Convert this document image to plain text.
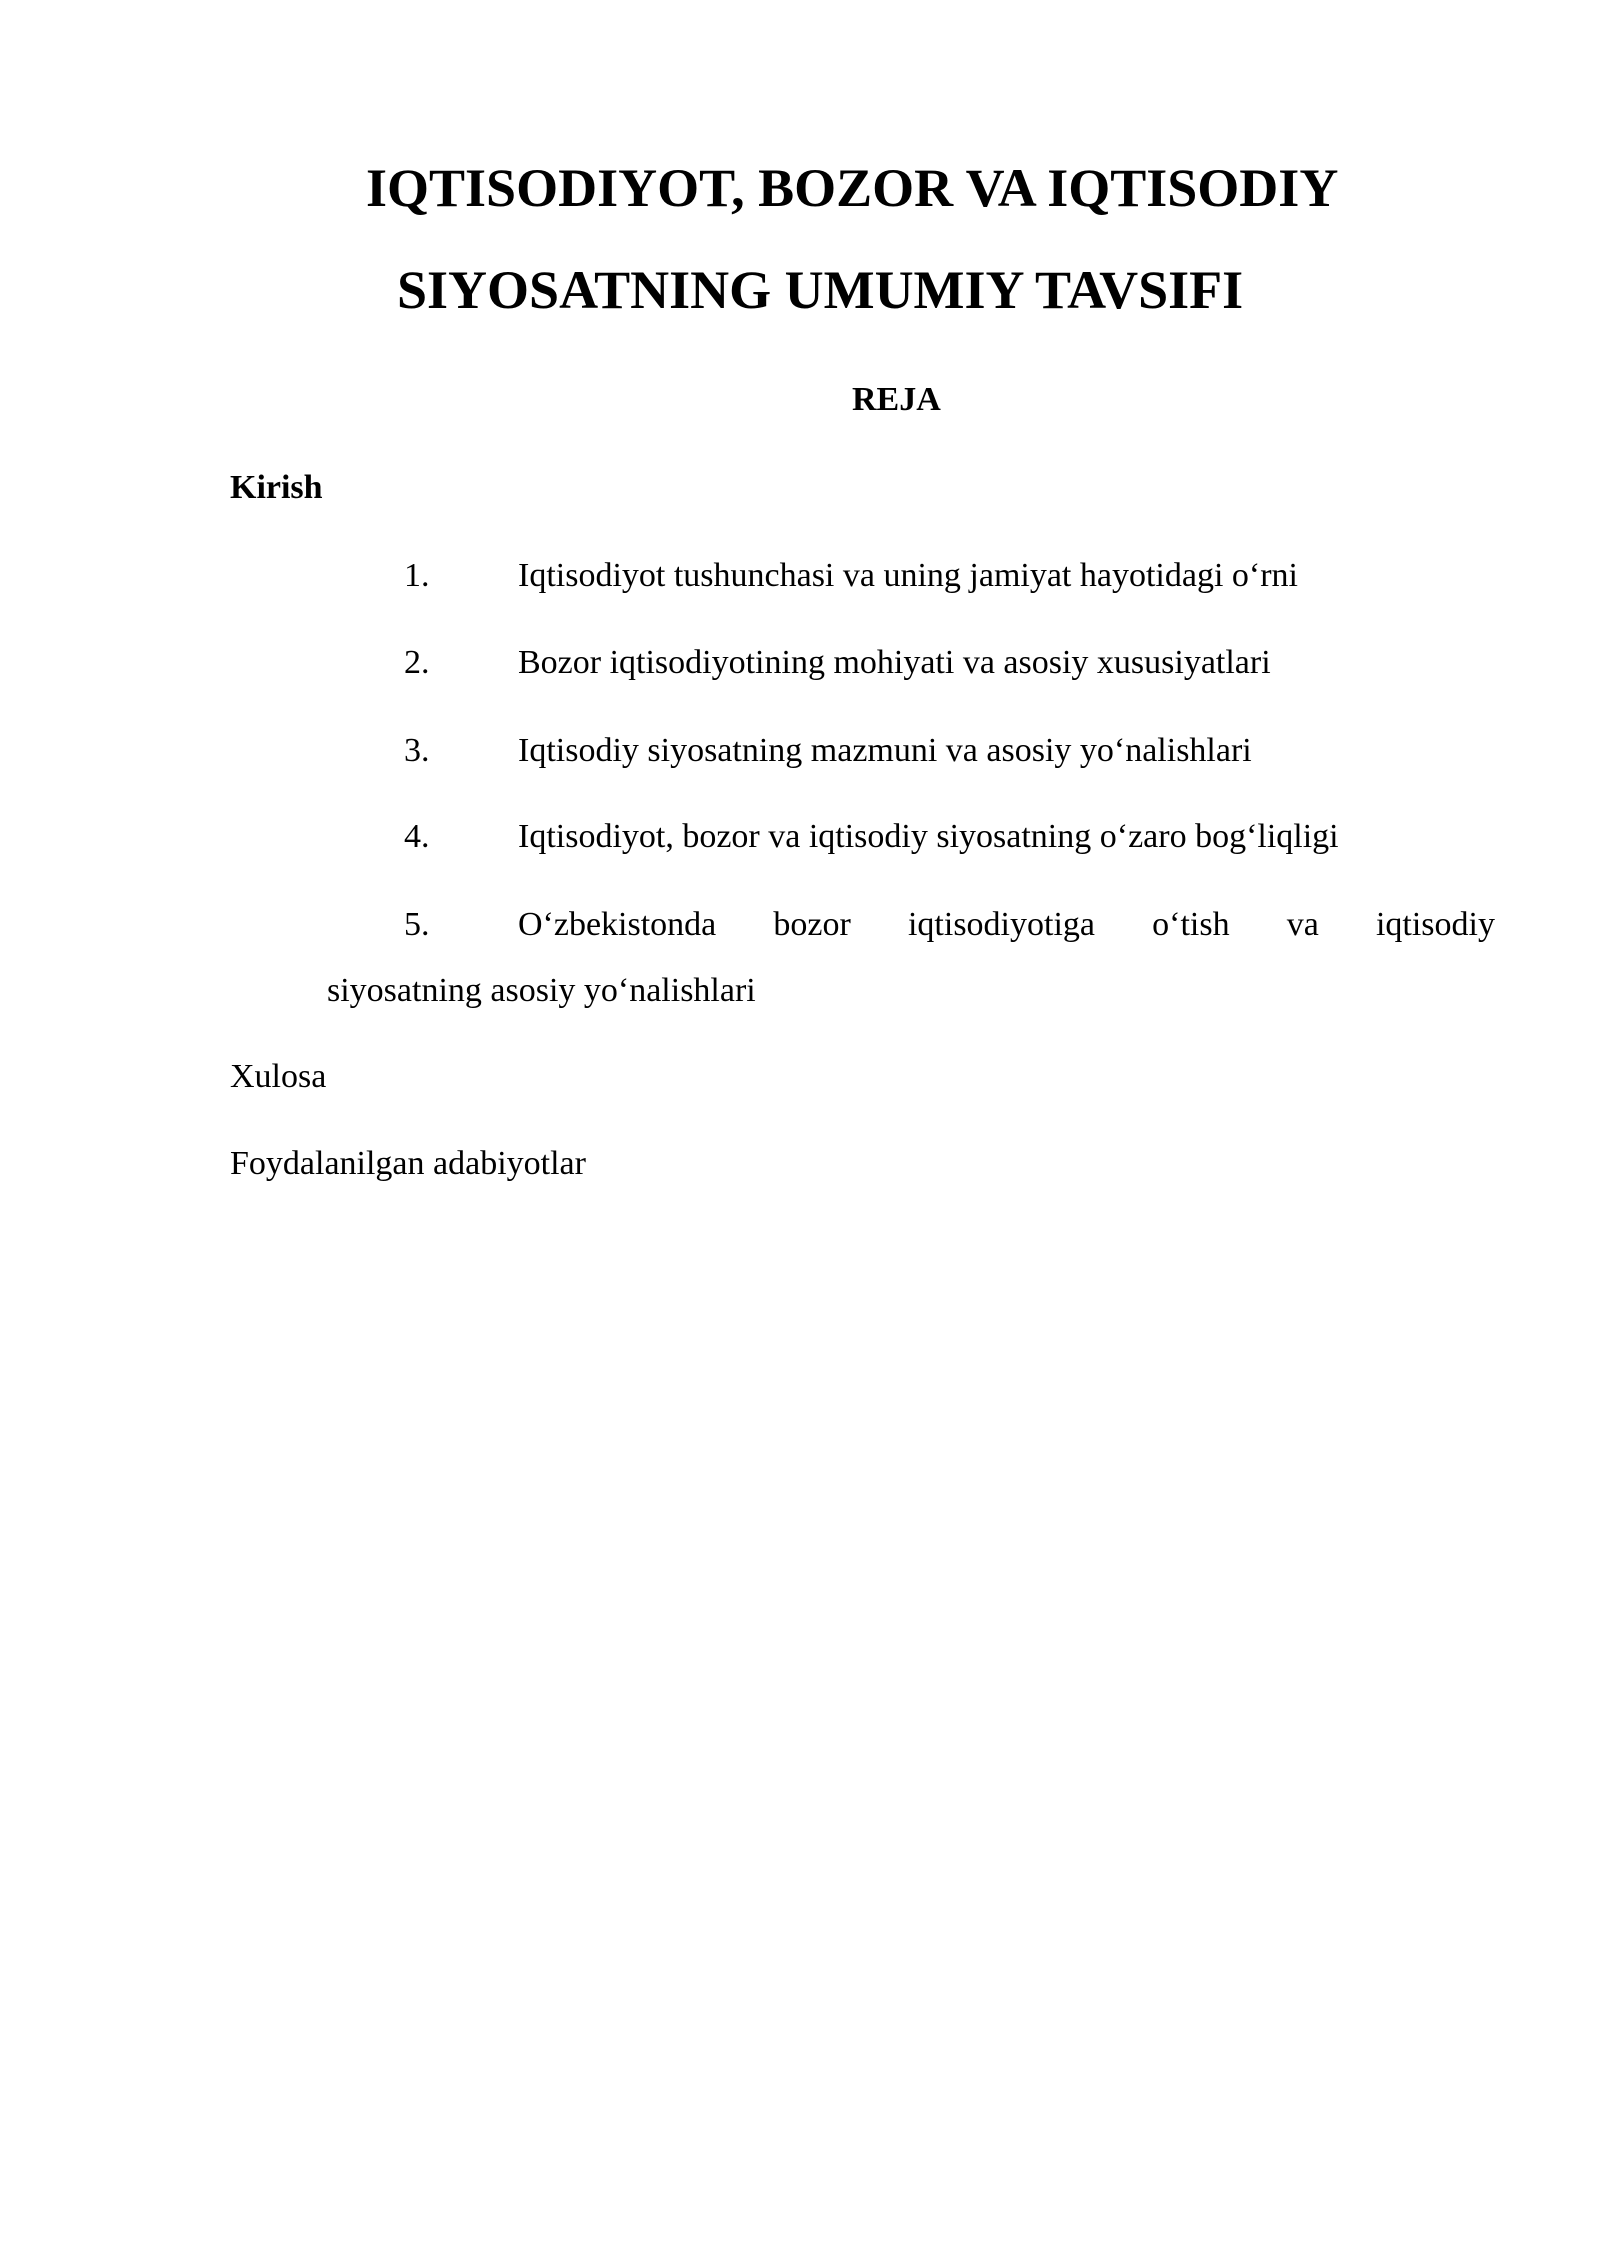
IQTISODIYOT, BOZOR VA IQTISODIY
SIYOSATNING UMUMIY TAVSIFI
REJA

Kirish

1.	Iqtisodiyot tushunchasi va uning jamiyat hayotidagi o‘rni
2.	Bozor iqtisodiyotining mohiyati va asosiy xususiyatlari
3.	Iqtisodiy siyosatning mazmuni va asosiy yo‘nalishlari
4.	Iqtisodiyot, bozor va iqtisodiy siyosatning o‘zaro bog‘liqligi
5.	O‘zbekistonda bozor iqtisodiyotiga o‘tish va iqtisodiy
siyosatning asosiy yo‘nalishlari

Xulosa

Foydalanilgan adabiyotlar
